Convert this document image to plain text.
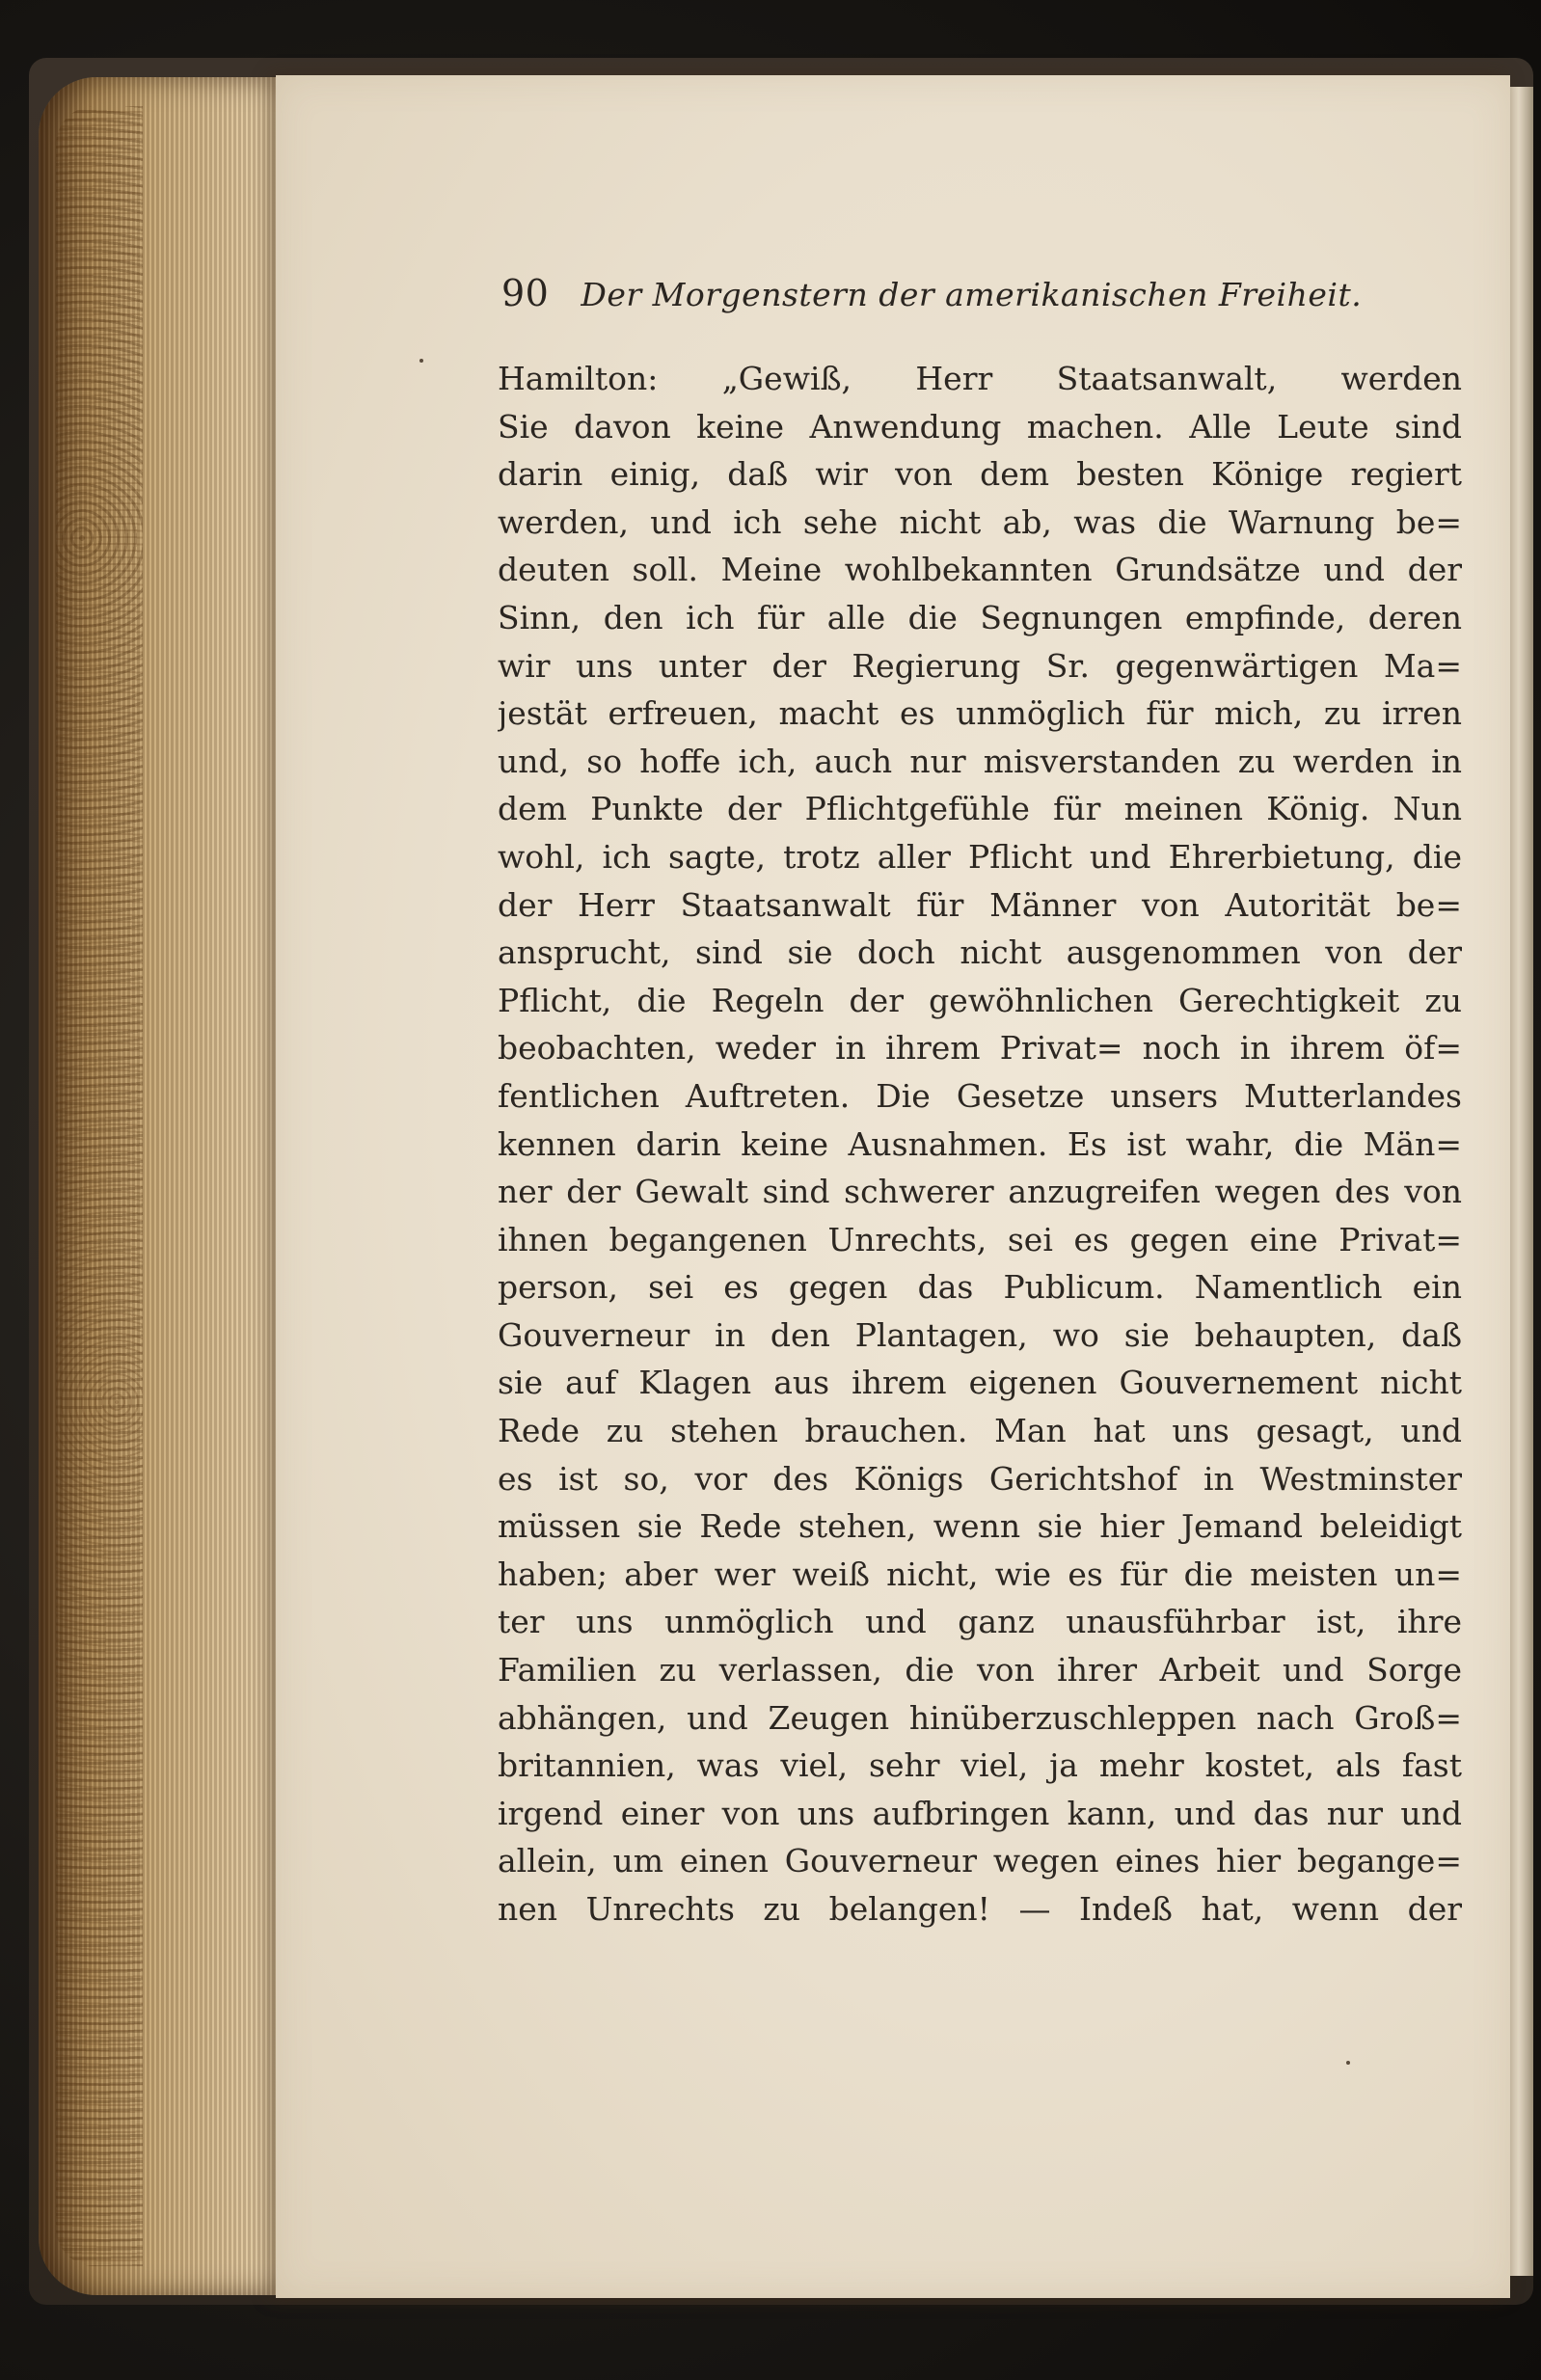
90 Der Morgenstern der amerikanischen Freiheit.
Hamilton: „Gewiß, Herr Staatsanwalt, werden
Sie davon keine Anwendung machen. Alle Leute sind
darin einig, daß wir von dem besten Könige regiert
werden, und ich sehe nicht ab, was die Warnung be=
deuten soll. Meine wohlbekannten Grundsätze und der
Sinn, den ich für alle die Segnungen empfinde, deren
wir uns unter der Regierung Sr. gegenwärtigen Ma=
jestät erfreuen, macht es unmöglich für mich, zu irren
und, so hoffe ich, auch nur misverstanden zu werden in
dem Punkte der Pflichtgefühle für meinen König. Nun
wohl, ich sagte, trotz aller Pflicht und Ehrerbietung, die
der Herr Staatsanwalt für Männer von Autorität be=
ansprucht, sind sie doch nicht ausgenommen von der
Pflicht, die Regeln der gewöhnlichen Gerechtigkeit zu
beobachten, weder in ihrem Privat= noch in ihrem öf=
fentlichen Auftreten. Die Gesetze unsers Mutterlandes
kennen darin keine Ausnahmen. Es ist wahr, die Män=
ner der Gewalt sind schwerer anzugreifen wegen des von
ihnen begangenen Unrechts, sei es gegen eine Privat=
person, sei es gegen das Publicum. Namentlich ein
Gouverneur in den Plantagen, wo sie behaupten, daß
sie auf Klagen aus ihrem eigenen Gouvernement nicht
Rede zu stehen brauchen. Man hat uns gesagt, und
es ist so, vor des Königs Gerichtshof in Westminster
müssen sie Rede stehen, wenn sie hier Jemand beleidigt
haben; aber wer weiß nicht, wie es für die meisten un=
ter uns unmöglich und ganz unausführbar ist, ihre
Familien zu verlassen, die von ihrer Arbeit und Sorge
abhängen, und Zeugen hinüberzuschleppen nach Groß=
britannien, was viel, sehr viel, ja mehr kostet, als fast
irgend einer von uns aufbringen kann, und das nur und
allein, um einen Gouverneur wegen eines hier begange=
nen Unrechts zu belangen! — Indeß hat, wenn der
